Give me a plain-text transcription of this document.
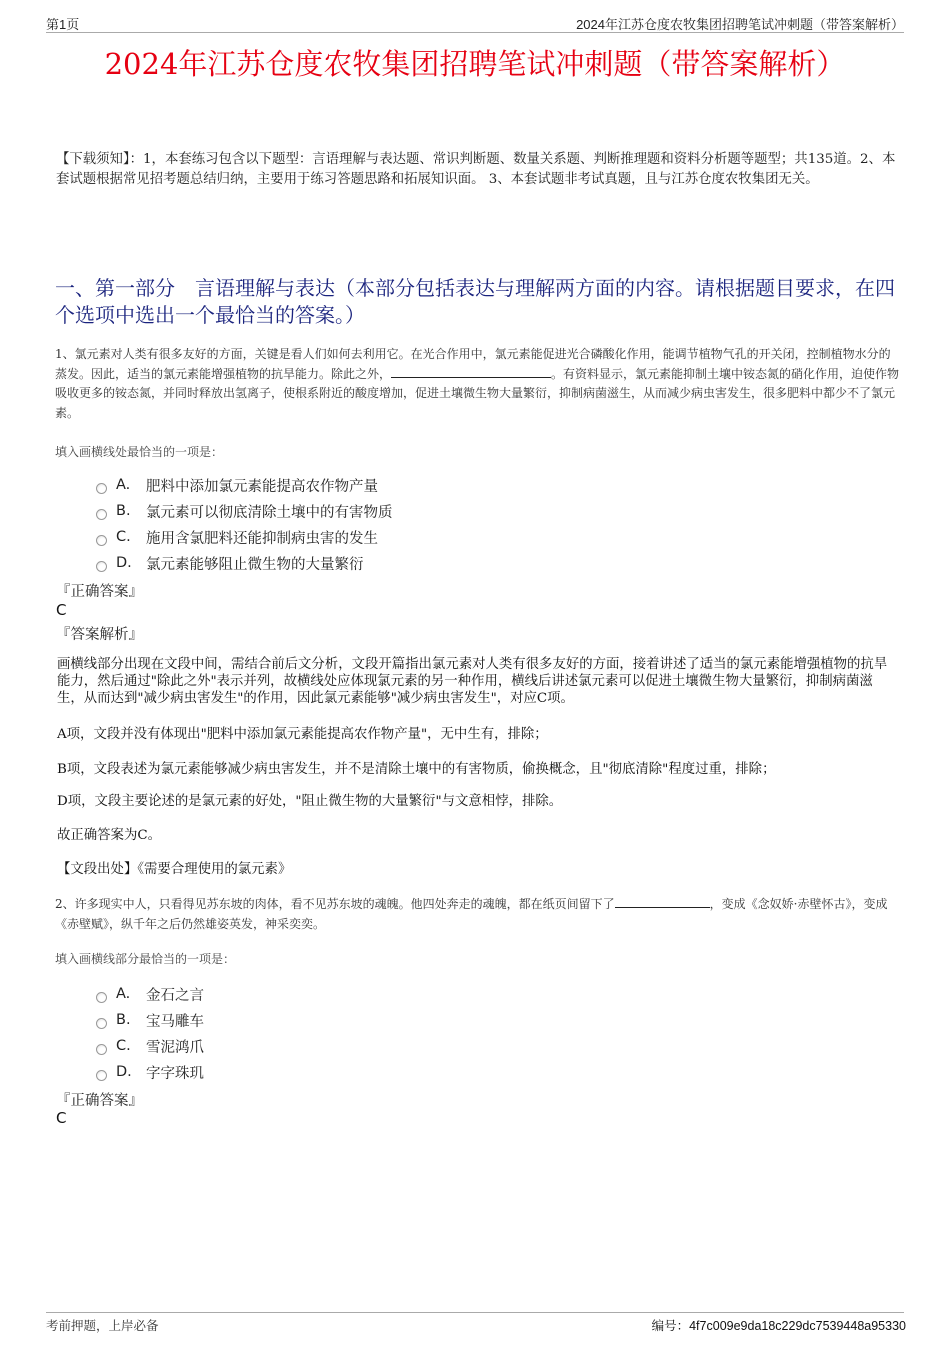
第1页	2024年江苏仓度农牧集团招聘笔试冲刺题（带答案解析）
2024年江苏仓度农牧集团招聘笔试冲刺题（带答案解析）
【下载须知】：1，本套练习包含以下题型：言语理解与表达题、常识判断题、数量关系题、判断推理题和资料分析题等题型；共135道。2、本套试题根据常见招考题总结归纳，主要用于练习答题思路和拓展知识面。 3、本套试题非考试真题，且与江苏仓度农牧集团无关。
一、第一部分　言语理解与表达（本部分包括表达与理解两方面的内容。请根据题目要求，在四个选项中选出一个最恰当的答案。）
1、氯元素对人类有很多友好的方面，关键是看人们如何去利用它。在光合作用中，氯元素能促进光合磷酸化作用，能调节植物气孔的开关闭，控制植物水分的蒸发。因此，适当的氯元素能增强植物的抗旱能力。除此之外，	。有资料显示，氯元素能抑制土壤中铵态氮的硝化作用，迫使作物吸收更多的铵态氮，并同时释放出氢离子，使根系附近的酸度增加，促进土壤微生物大量繁衍，抑制病菌滋生，从而减少病虫害发生，很多肥料中都少不了氯元素。
填入画横线处最恰当的一项是：
A.	肥料中添加氯元素能提高农作物产量
B.	氯元素可以彻底清除土壤中的有害物质
C.	施用含氯肥料还能抑制病虫害的发生
D. 氯元素能够阻止微生物的大量繁衍
『正确答案』
C
『答案解析』
画横线部分出现在文段中间，需结合前后文分析，文段开篇指出氯元素对人类有很多友好的方面，接着讲述了适当的氯元素能增强植物的抗旱能力，然后通过"除此之外"表示并列，故横线处应体现氯元素的另一种作用，横线后讲述氯元素可以促进土壤微生物大量繁衍，抑制病菌滋生，从而达到"减少病虫害发生"的作用，因此氯元素能够"减少病虫害发生"，对应C项。
A项，文段并没有体现出"肥料中添加氯元素能提高农作物产量"，无中生有，排除；
B项，文段表述为氯元素能够减少病虫害发生，并不是清除土壤中的有害物质，偷换概念，且"彻底清除"程度过重，排除；
D项，文段主要论述的是氯元素的好处，"阻止微生物的大量繁衍"与文意相悖，排除。
故正确答案为C。
【文段出处】《需要合理使用的氯元素》
2、许多现实中人，只看得见苏东坡的肉体，看不见苏东坡的魂魄。他四处奔走的魂魄，都在纸页间留下了	，变成《念奴娇·赤壁怀古》，变成《赤壁赋》，纵千年之后仍然雄姿英发，神采奕奕。
填入画横线部分最恰当的一项是：
A.	金石之言
B.	宝马雕车
C.	雪泥鸿爪
D. 字字珠玑
『正确答案』
C
考前押题，上岸必备	编号：4f7c009e9da18c229dc7539448a95330
